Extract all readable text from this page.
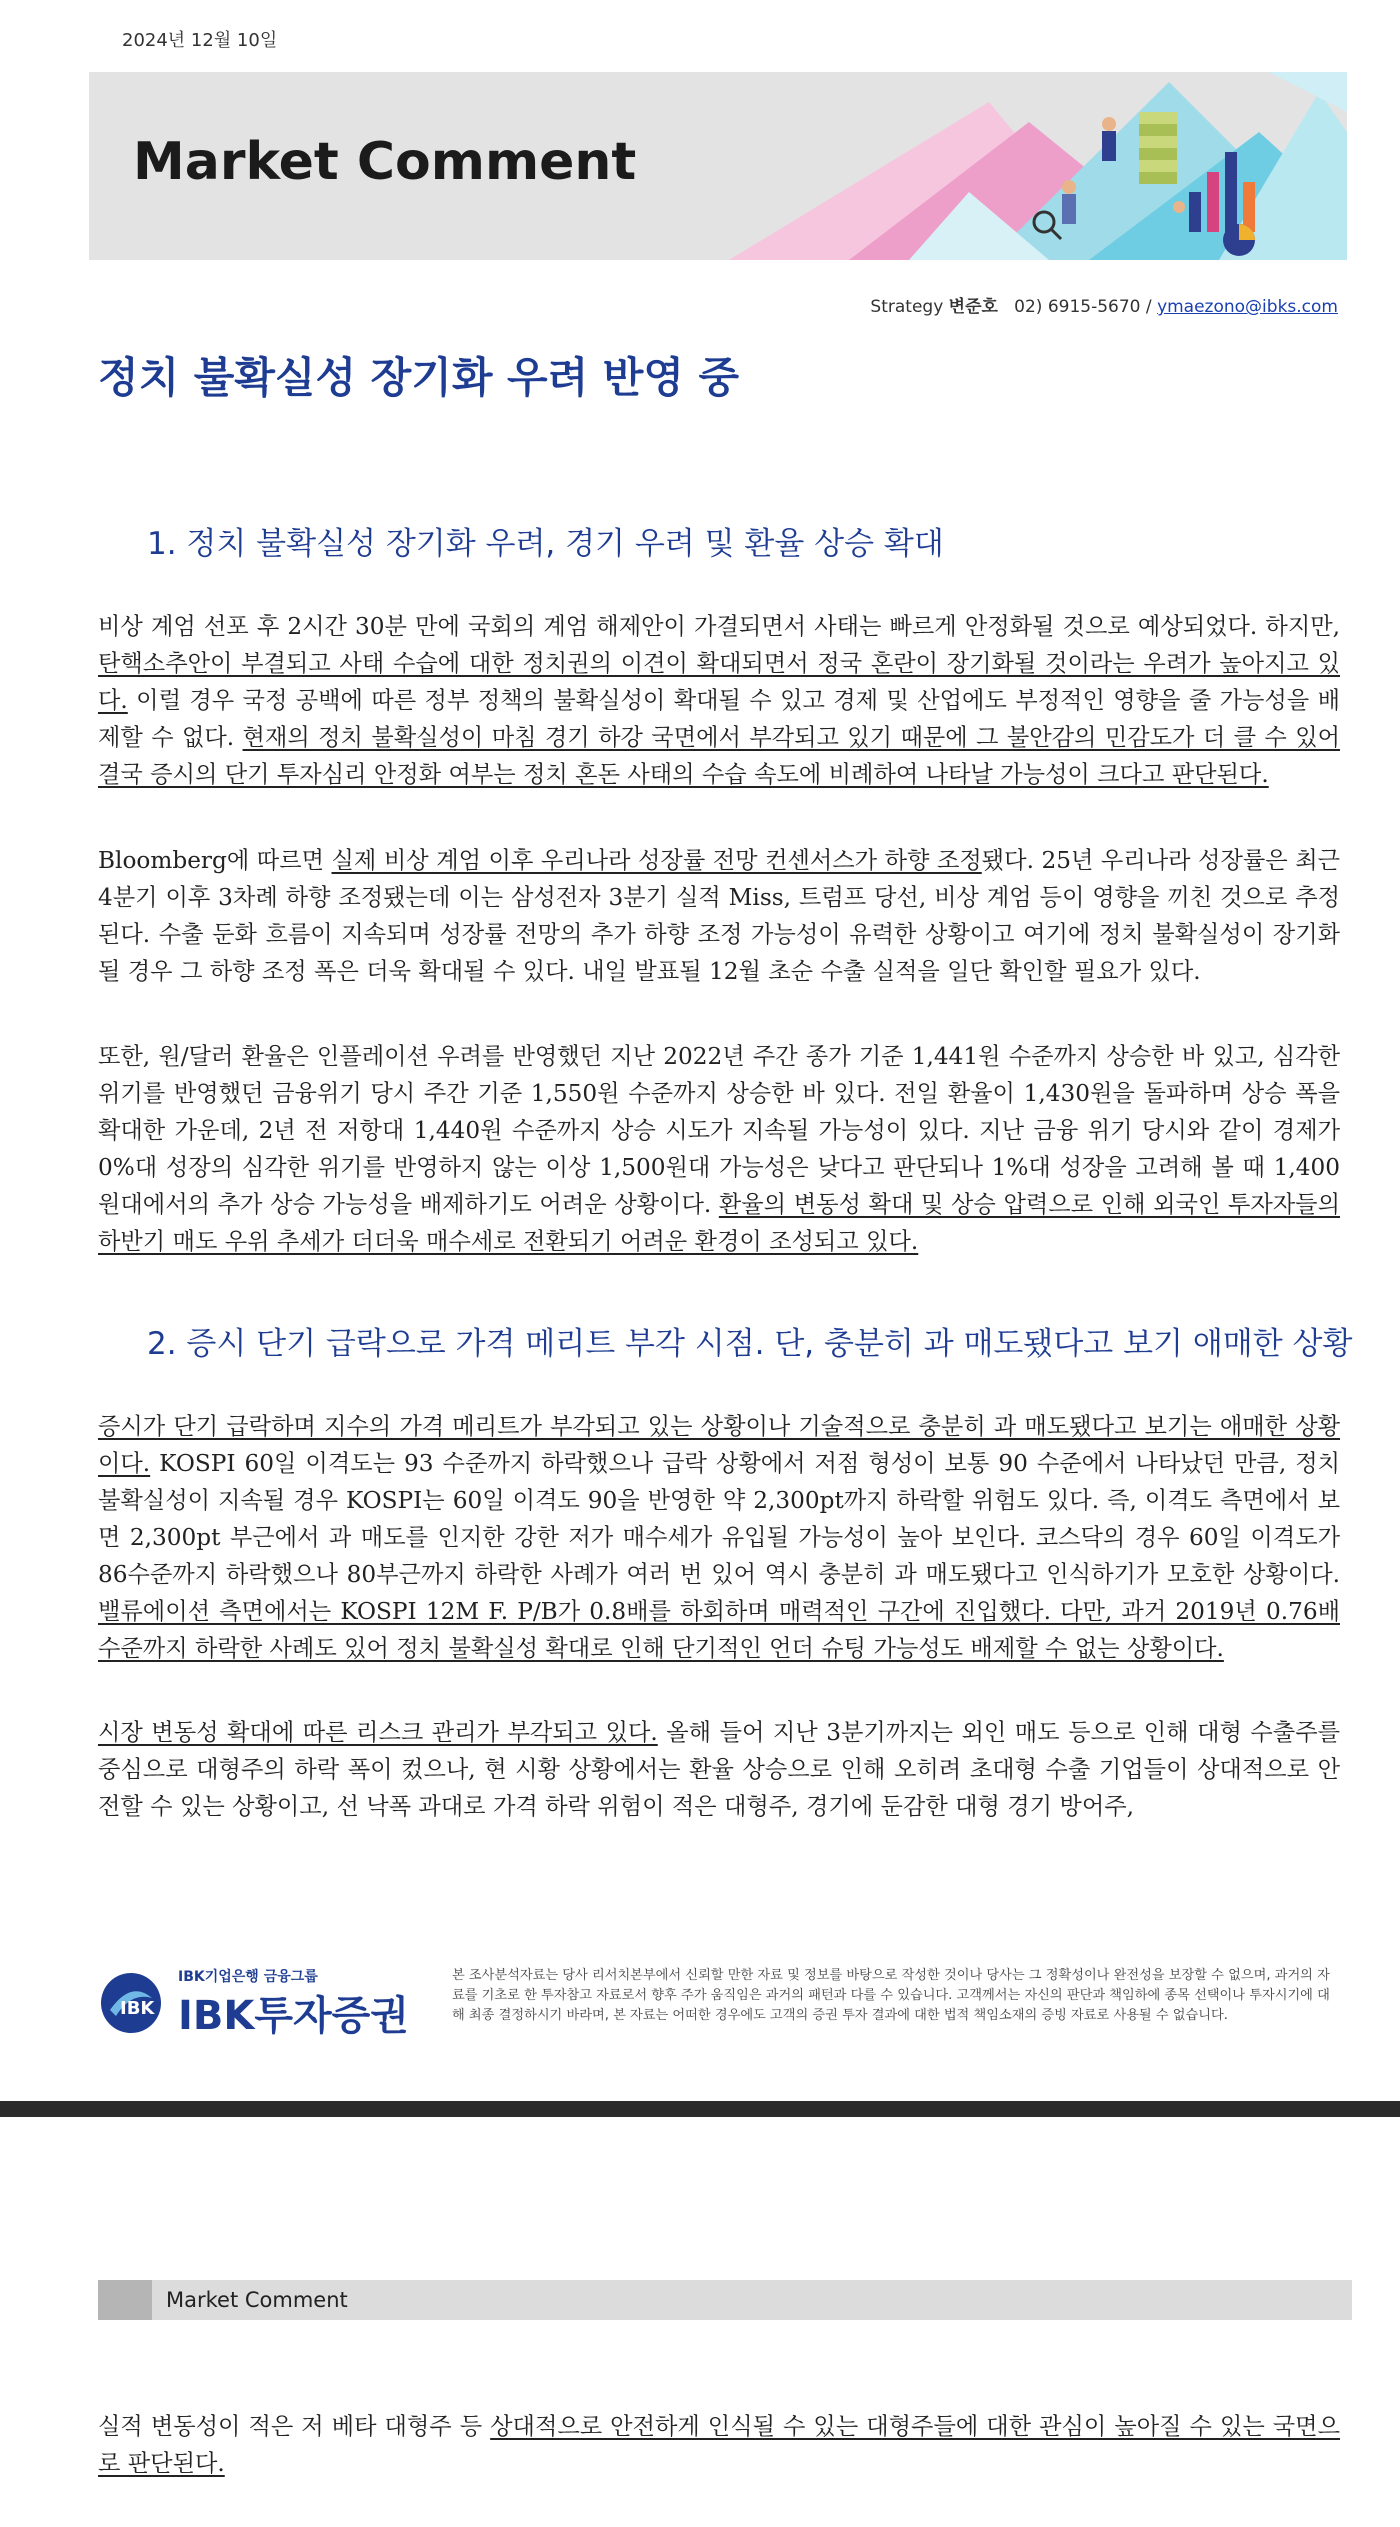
2024년 12월 10일
Market Comment
Strategy 변준호 02) 6915-5670 / ymaezono@ibks.com
정치 불확실성 장기화 우려 반영 중
1. 정치 불확실성 장기화 우려, 경기 우려 및 환율 상승 확대
비상 계엄 선포 후 2시간 30분 만에 국회의 계엄 해제안이 가결되면서 사태는 빠르게 안정화될 것으로 예상되었다. 하지만, 탄핵소추안이 부결되고 사태 수습에 대한 정치권의 이견이 확대되면서 정국 혼란이 장기화될 것이라는 우려가 높아지고 있다. 이럴 경우 국정 공백에 따른 정부 정책의 불확실성이 확대될 수 있고 경제 및 산업에도 부정적인 영향을 줄 가능성을 배제할 수 없다. 현재의 정치 불확실성이 마침 경기 하강 국면에서 부각되고 있기 때문에 그 불안감의 민감도가 더 클 수 있어 결국 증시의 단기 투자심리 안정화 여부는 정치 혼돈 사태의 수습 속도에 비례하여 나타날 가능성이 크다고 판단된다.
Bloomberg에 따르면 실제 비상 계엄 이후 우리나라 성장률 전망 컨센서스가 하향 조정됐다. 25년 우리나라 성장률은 최근 4분기 이후 3차례 하향 조정됐는데 이는 삼성전자 3분기 실적 Miss, 트럼프 당선, 비상 계엄 등이 영향을 끼친 것으로 추정된다. 수출 둔화 흐름이 지속되며 성장률 전망의 추가 하향 조정 가능성이 유력한 상황이고 여기에 정치 불확실성이 장기화 될 경우 그 하향 조정 폭은 더욱 확대될 수 있다. 내일 발표될 12월 초순 수출 실적을 일단 확인할 필요가 있다.
또한, 원/달러 환율은 인플레이션 우려를 반영했던 지난 2022년 주간 종가 기준 1,441원 수준까지 상승한 바 있고, 심각한 위기를 반영했던 금융위기 당시 주간 기준 1,550원 수준까지 상승한 바 있다. 전일 환율이 1,430원을 돌파하며 상승 폭을 확대한 가운데, 2년 전 저항대 1,440원 수준까지 상승 시도가 지속될 가능성이 있다. 지난 금융 위기 당시와 같이 경제가 0%대 성장의 심각한 위기를 반영하지 않는 이상 1,500원대 가능성은 낮다고 판단되나 1%대 성장을 고려해 볼 때 1,400원대에서의 추가 상승 가능성을 배제하기도 어려운 상황이다. 환율의 변동성 확대 및 상승 압력으로 인해 외국인 투자자들의 하반기 매도 우위 추세가 더더욱 매수세로 전환되기 어려운 환경이 조성되고 있다.
2. 증시 단기 급락으로 가격 메리트 부각 시점. 단, 충분히 과 매도됐다고 보기 애매한 상황
증시가 단기 급락하며 지수의 가격 메리트가 부각되고 있는 상황이나 기술적으로 충분히 과 매도됐다고 보기는 애매한 상황이다. KOSPI 60일 이격도는 93 수준까지 하락했으나 급락 상황에서 저점 형성이 보통 90 수준에서 나타났던 만큼, 정치 불확실성이 지속될 경우 KOSPI는 60일 이격도 90을 반영한 약 2,300pt까지 하락할 위험도 있다. 즉, 이격도 측면에서 보면 2,300pt 부근에서 과 매도를 인지한 강한 저가 매수세가 유입될 가능성이 높아 보인다. 코스닥의 경우 60일 이격도가 86수준까지 하락했으나 80부근까지 하락한 사례가 여러 번 있어 역시 충분히 과 매도됐다고 인식하기가 모호한 상황이다. 밸류에이션 측면에서는 KOSPI 12M F. P/B가 0.8배를 하회하며 매력적인 구간에 진입했다. 다만, 과거 2019년 0.76배 수준까지 하락한 사례도 있어 정치 불확실성 확대로 인해 단기적인 언더 슈팅 가능성도 배제할 수 없는 상황이다.
시장 변동성 확대에 따른 리스크 관리가 부각되고 있다. 올해 들어 지난 3분기까지는 외인 매도 등으로 인해 대형 수출주를 중심으로 대형주의 하락 폭이 컸으나, 현 시황 상황에서는 환율 상승으로 인해 오히려 초대형 수출 기업들이 상대적으로 안전할 수 있는 상황이고, 선 낙폭 과대로 가격 하락 위험이 적은 대형주, 경기에 둔감한 대형 경기 방어주,
IBK
IBK기업은행 금융그룹
IBK투자증권
본 조사분석자료는 당사 리서치본부에서 신뢰할 만한 자료 및 정보를 바탕으로 작성한 것이나 당사는 그 정확성이나 완전성을 보장할 수 없으며, 과거의 자료를 기초로 한 투자참고 자료로서 향후 주가 움직임은 과거의 패턴과 다를 수 있습니다. 고객께서는 자신의 판단과 책임하에 종목 선택이나 투자시기에 대해 최종 결정하시기 바라며, 본 자료는 어떠한 경우에도 고객의 증권 투자 결과에 대한 법적 책임소재의 증빙 자료로 사용될 수 없습니다.
Market Comment
실적 변동성이 적은 저 베타 대형주 등 상대적으로 안전하게 인식될 수 있는 대형주들에 대한 관심이 높아질 수 있는 국면으로 판단된다.
